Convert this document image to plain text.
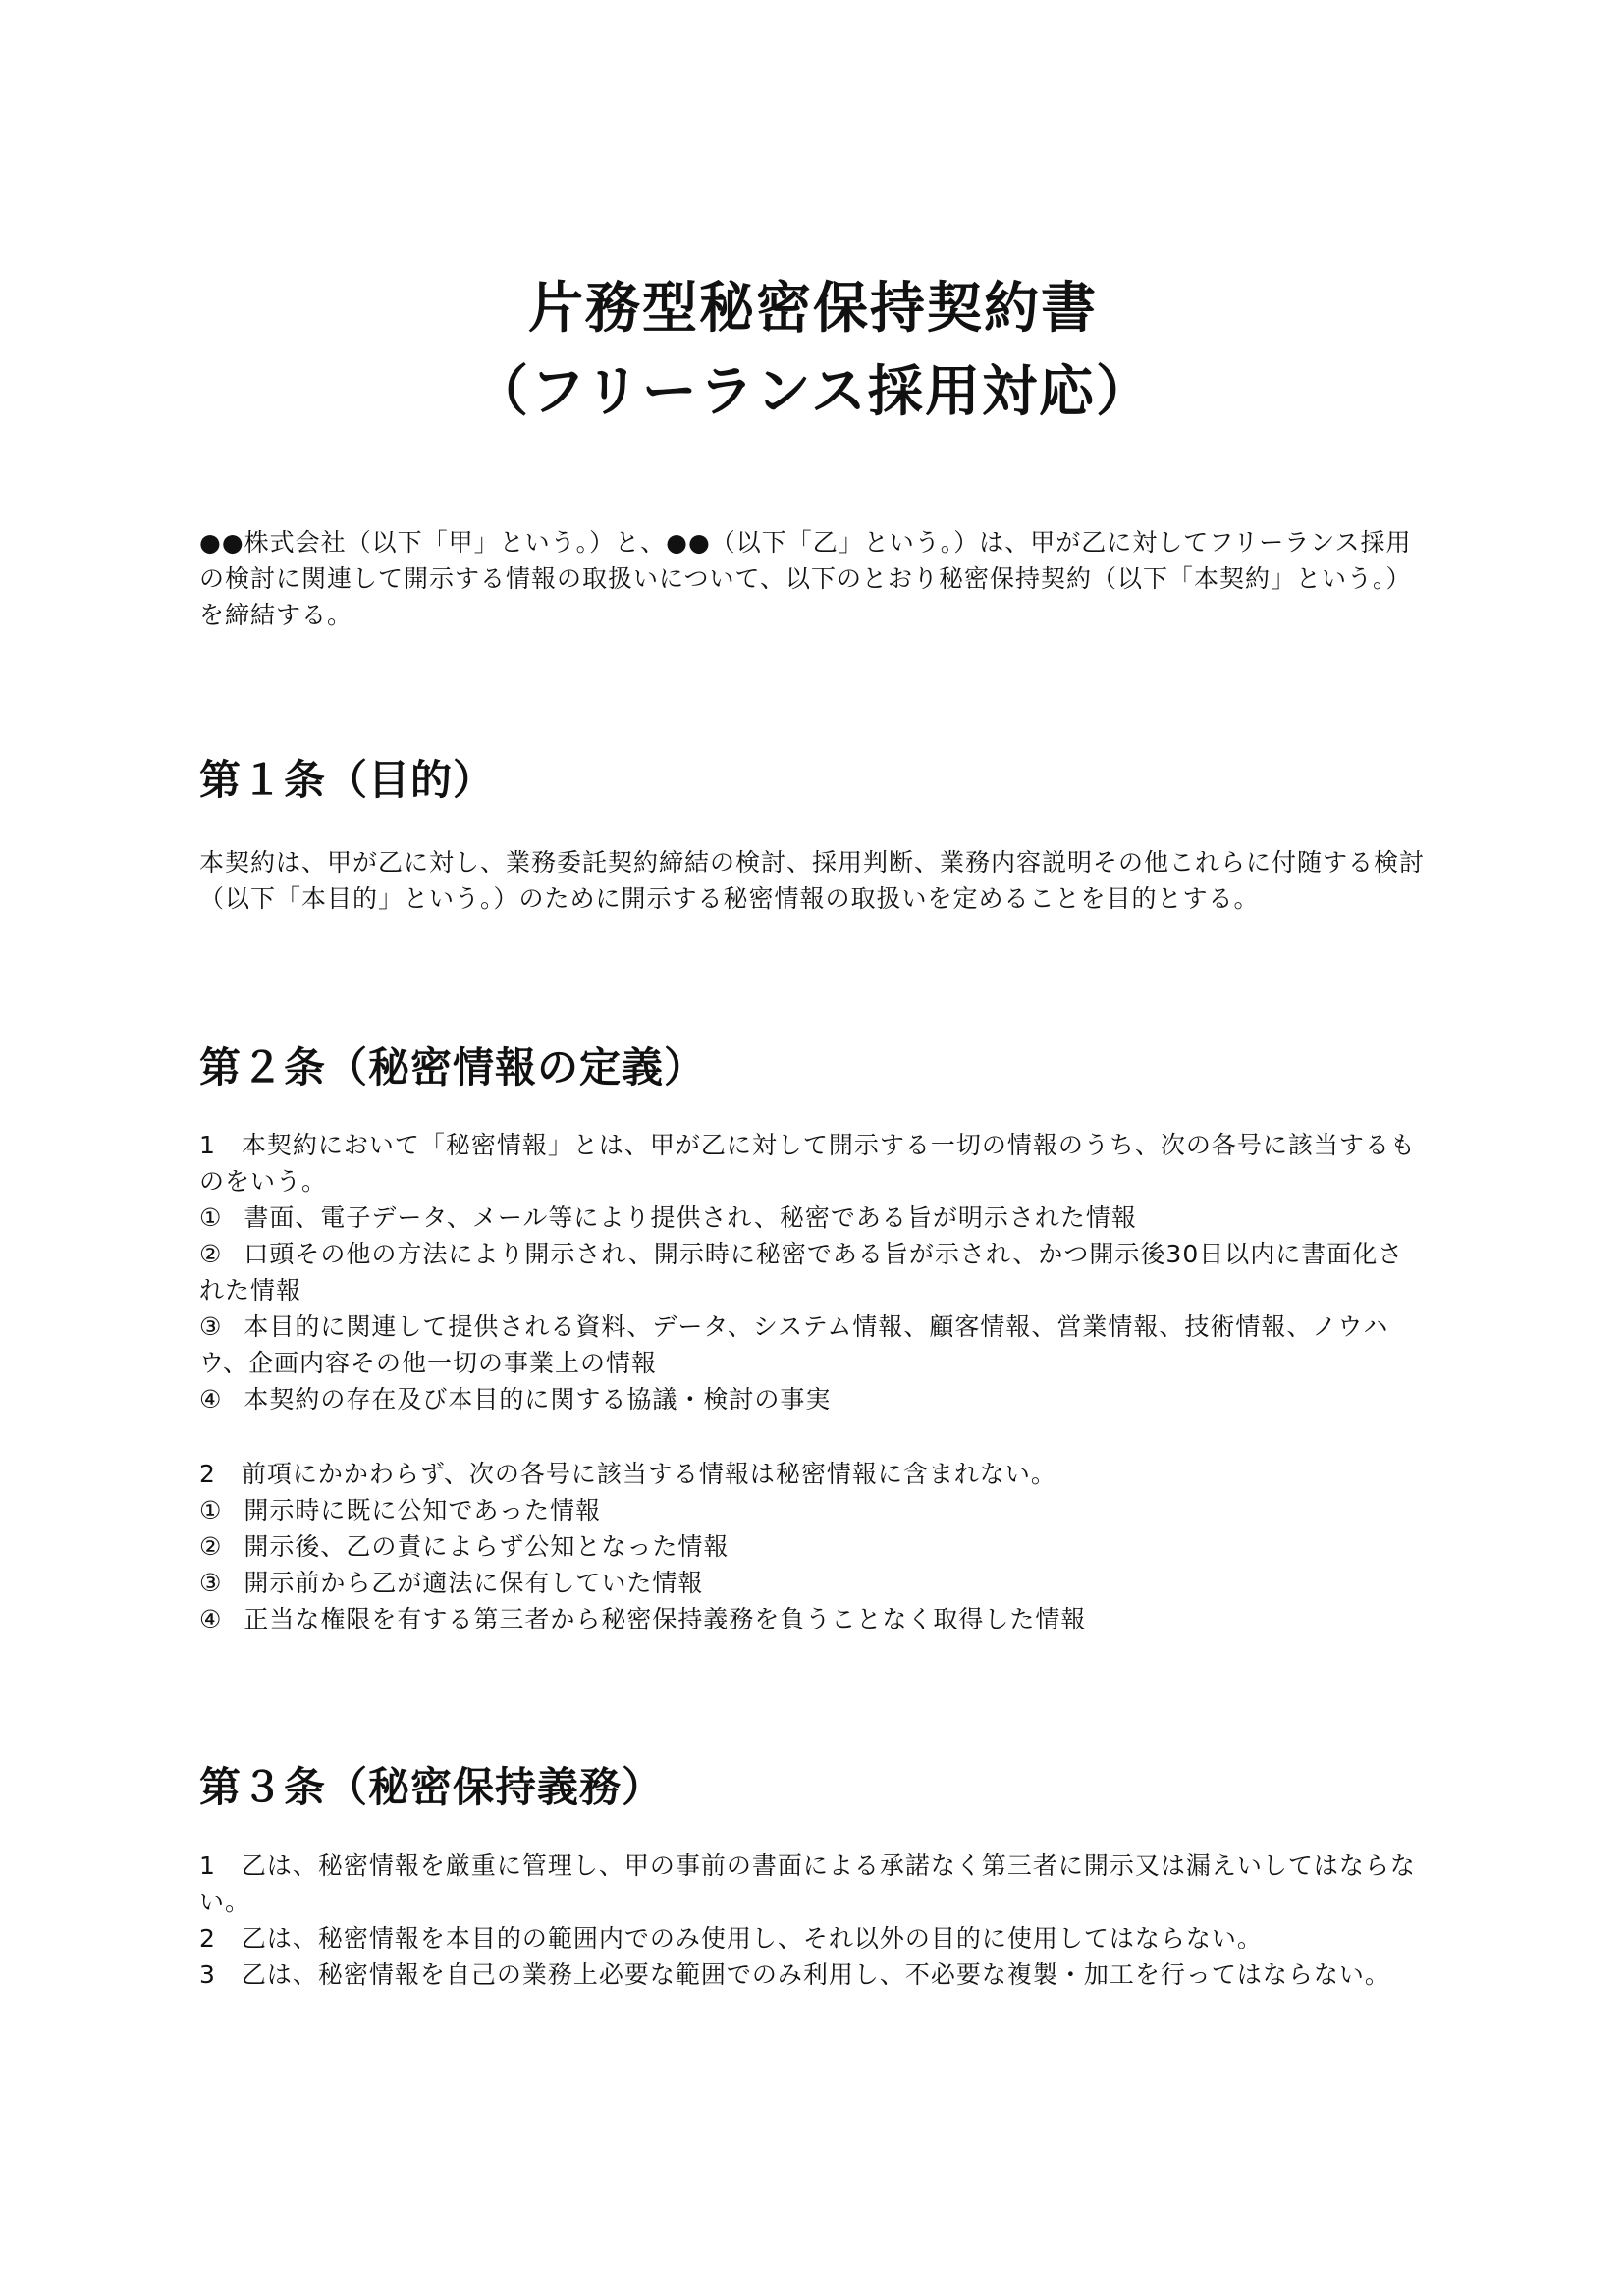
片務型秘密保持契約書
（フリーランス採用対応）

●●株式会社（以下「甲」という。）と、●●（以下「乙」という。）は、甲が乙に対してフリーランス採用の検討に関連して開示する情報の取扱いについて、以下のとおり秘密保持契約（以下「本契約」という。）を締結する。

第１条（目的）

本契約は、甲が乙に対し、業務委託契約締結の検討、採用判断、業務内容説明その他これらに付随する検討（以下「本目的」という。）のために開示する秘密情報の取扱いを定めることを目的とする。

第２条（秘密情報の定義）

1　本契約において「秘密情報」とは、甲が乙に対して開示する一切の情報のうち、次の各号に該当するものをいう。

① 書面、電子データ、メール等により提供され、秘密である旨が明示された情報

② 口頭その他の方法により開示され、開示時に秘密である旨が示され、かつ開示後30日以内に書面化された情報

③ 本目的に関連して提供される資料、データ、システム情報、顧客情報、営業情報、技術情報、ノウハウ、企画内容その他一切の事業上の情報

④ 本契約の存在及び本目的に関する協議・検討の事実

2　前項にかかわらず、次の各号に該当する情報は秘密情報に含まれない。

① 開示時に既に公知であった情報

② 開示後、乙の責によらず公知となった情報

③ 開示前から乙が適法に保有していた情報

④ 正当な権限を有する第三者から秘密保持義務を負うことなく取得した情報

第３条（秘密保持義務）

1　乙は、秘密情報を厳重に管理し、甲の事前の書面による承諾なく第三者に開示又は漏えいしてはならない。

2　乙は、秘密情報を本目的の範囲内でのみ使用し、それ以外の目的に使用してはならない。

3　乙は、秘密情報を自己の業務上必要な範囲でのみ利用し、不必要な複製・加工を行ってはならない。
